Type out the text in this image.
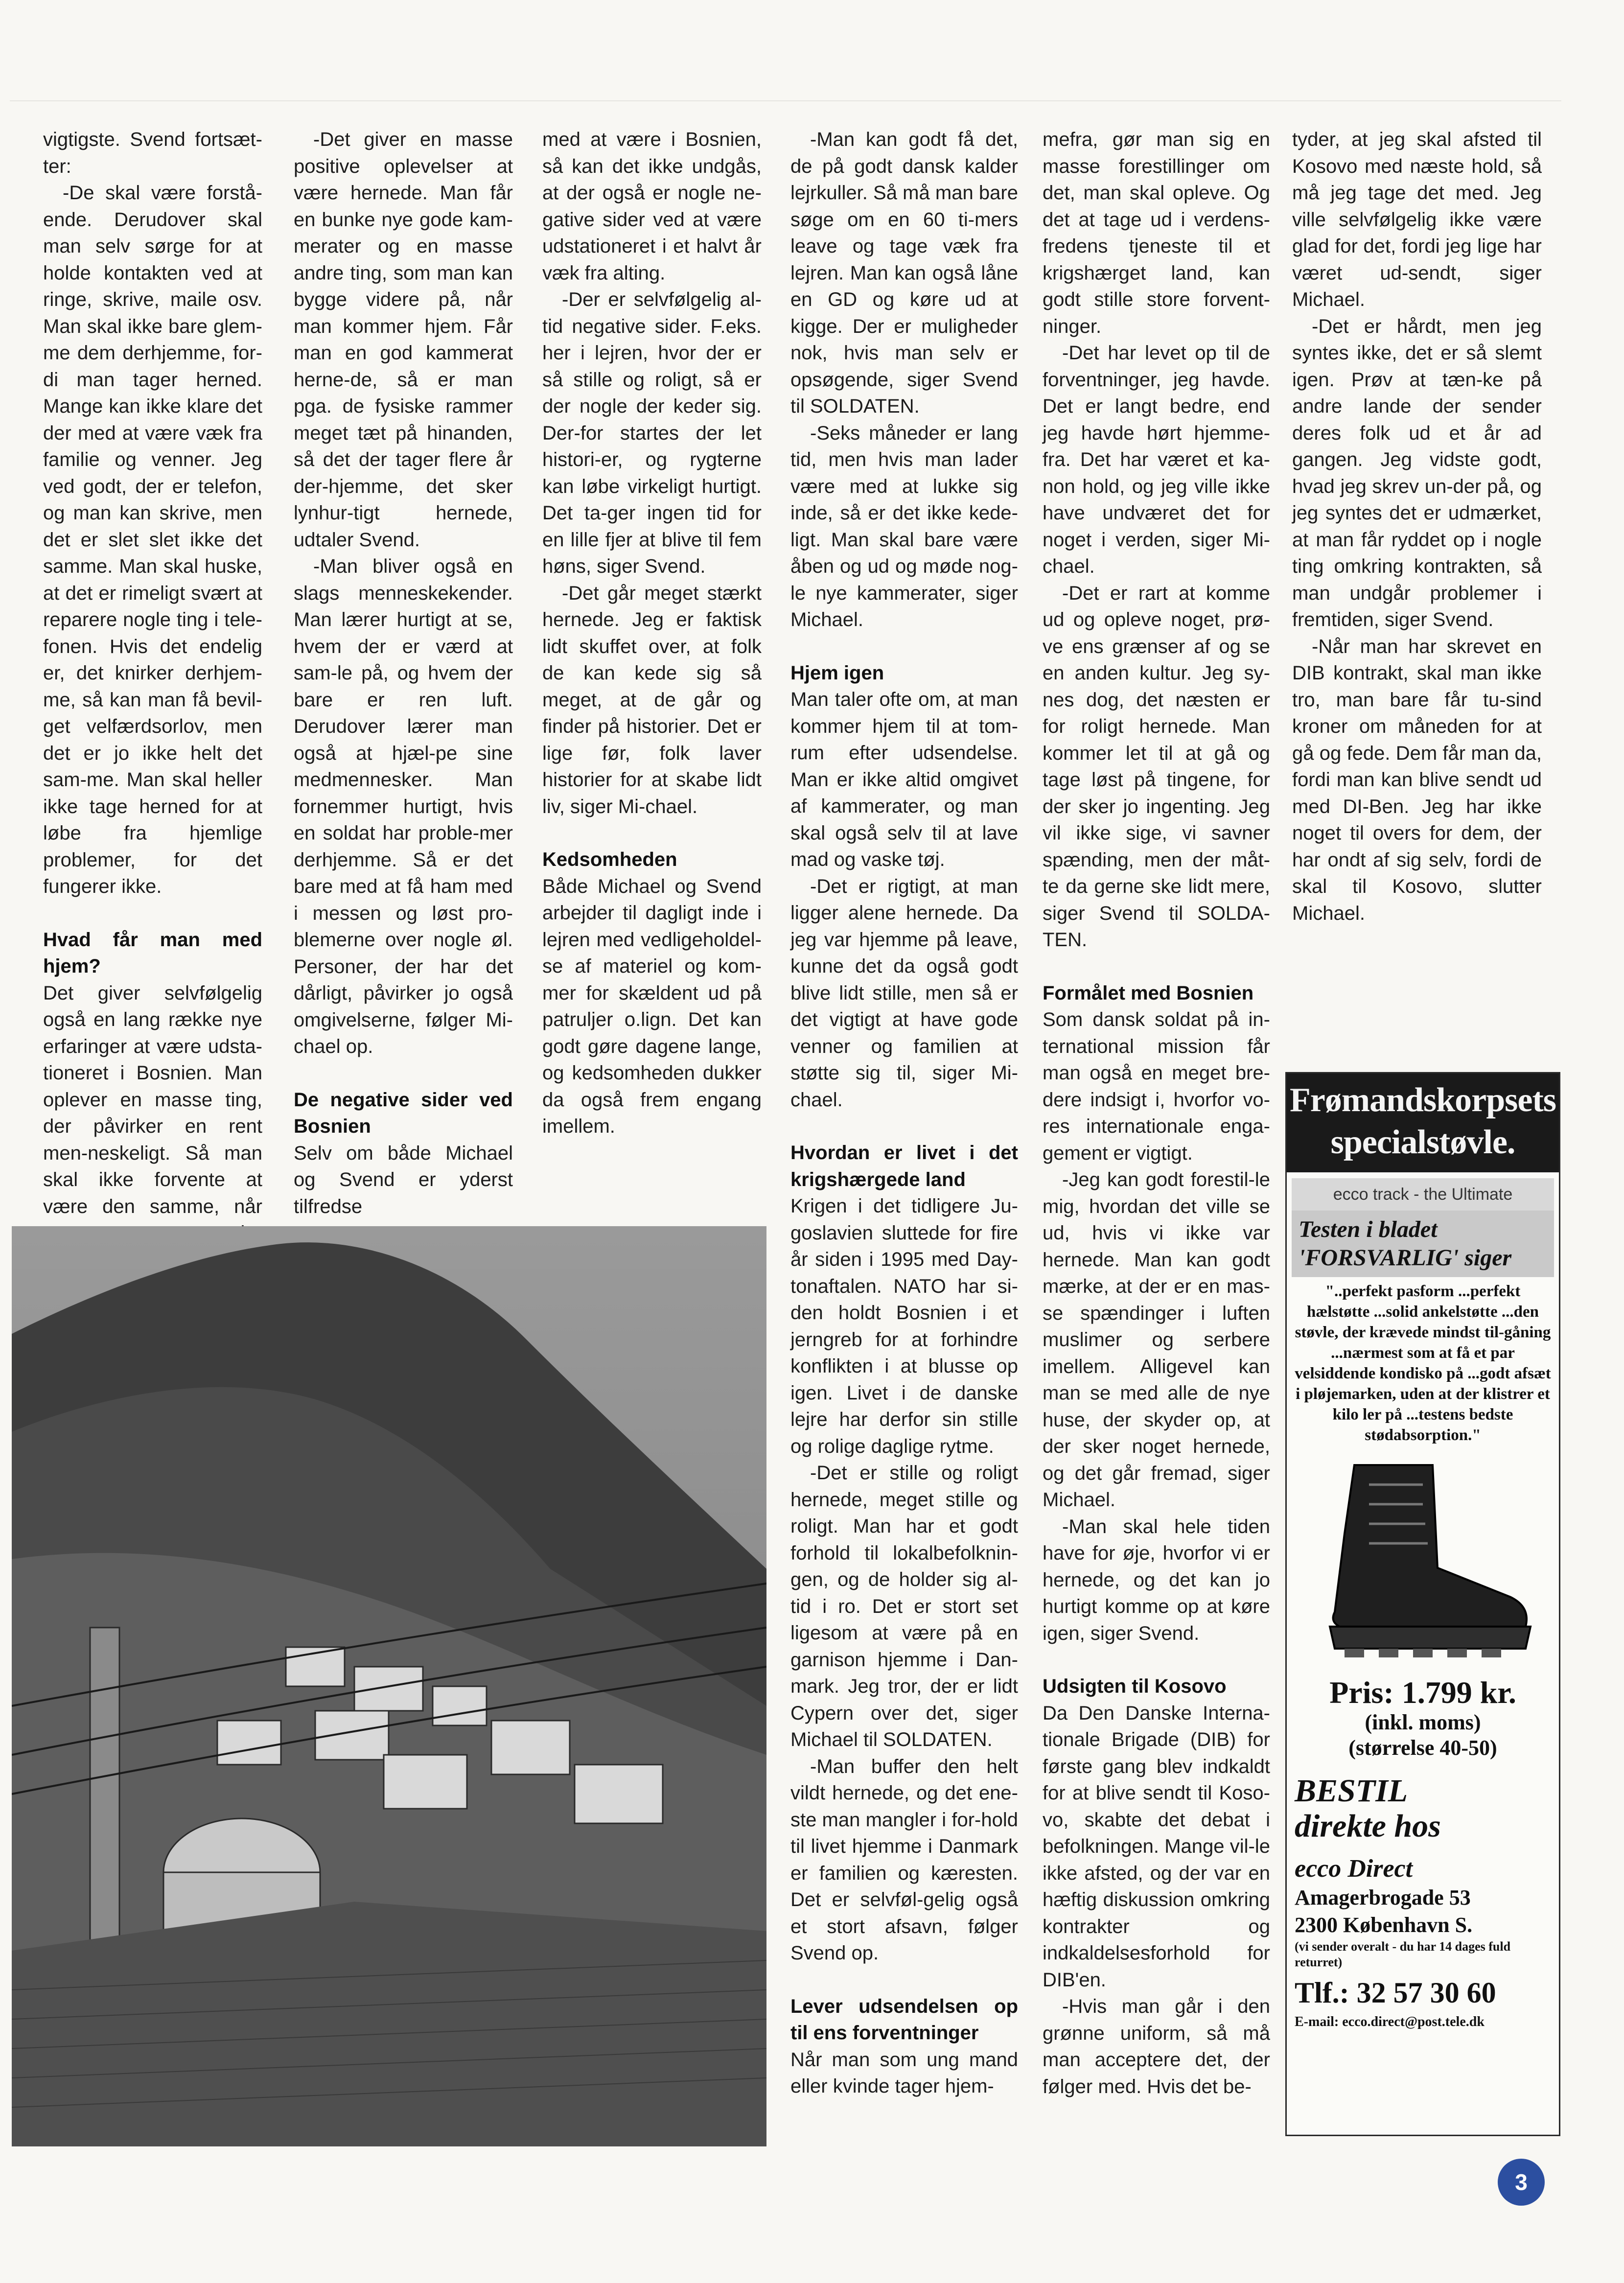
vigtigste. Svend fortsæt-ter:

-De skal være forstå-ende. Derudover skal man selv sørge for at holde kontakten ved at ringe, skrive, maile osv. Man skal ikke bare glem-me dem derhjemme, for-di man tager herned. Mange kan ikke klare det der med at være væk fra familie og venner. Jeg ved godt, der er telefon, og man kan skrive, men det er slet slet ikke det samme. Man skal huske, at det er rimeligt svært at reparere nogle ting i tele-fonen. Hvis det endelig er, det knirker derhjem-me, så kan man få bevil-get velfærdsorlov, men det er jo ikke helt det sam-me. Man skal heller ikke tage herned for at løbe fra hjemlige problemer, for det fungerer ikke.

Hvad får man med hjem?

Det giver selvfølgelig også en lang række nye erfaringer at være udsta-tioneret i Bosnien. Man oplever en masse ting, der påvirker en rent men-neskeligt. Så man skal ikke forvente at være den samme, når

-Det giver en masse positive oplevelser at være hernede. Man får en bunke nye gode kam-merater og en masse andre ting, som man kan bygge videre på, når man kommer hjem. Får man en god kammerat herne-de, så er man pga. de fysiske rammer meget tæt på hinanden, så det der tager flere år der-hjemme, det sker lynhur-tigt hernede, udtaler Svend.

-Man bliver også en slags menneskekender. Man lærer hurtigt at se, hvem der er værd at sam-le på, og hvem der bare er ren luft. Derudover lærer man også at hjæl-pe sine medmennesker. Man fornemmer hurtigt, hvis en soldat har proble-mer derhjemme. Så er det bare med at få ham med i messen og løst pro-blemerne over nogle øl. Personer, der har det dårligt, påvirker jo også omgivelserne, følger Mi-chael op.

De negative sider ved Bosnien

Selv om både Michael og Svend er yderst tilfredse

med at være i Bosnien, så kan det ikke undgås, at der også er nogle ne-gative sider ved at være udstationeret i et halvt år væk fra alting.

-Der er selvfølgelig al-tid negative sider. F.eks. her i lejren, hvor der er så stille og roligt, så er der nogle der keder sig. Der-for startes der let histori-er, og rygterne kan løbe virkeligt hurtigt. Det ta-ger ingen tid for en lille fjer at blive til fem høns, siger Svend.

-Det går meget stærkt hernede. Jeg er faktisk lidt skuffet over, at folk de kan kede sig så meget, at de går og finder på historier. Det er lige før, folk laver historier for at skabe lidt liv, siger Mi-chael.

Kedsomheden

Både Michael og Svend arbejder til dagligt inde i lejren med vedligeholdel-se af materiel og kom-mer for skældent ud på patruljer o.lign. Det kan godt gøre dagene lange, og kedsomheden dukker da også frem engang imellem.

-Man kan godt få det, de på godt dansk kalder lejrkuller. Så må man bare søge om en 60 ti-mers leave og tage væk fra lejren. Man kan også låne en GD og køre ud at kigge. Der er muligheder nok, hvis man selv er opsøgende, siger Svend til SOLDATEN.

-Seks måneder er lang tid, men hvis man lader være med at lukke sig inde, så er det ikke kede-ligt. Man skal bare være åben og ud og møde nog-le nye kammerater, siger Michael.

Hjem igen

Man taler ofte om, at man kommer hjem til at tom-rum efter udsendelse. Man er ikke altid omgivet af kammerater, og man skal også selv til at lave mad og vaske tøj.

-Det er rigtigt, at man ligger alene hernede. Da jeg var hjemme på leave, kunne det da også godt blive lidt stille, men så er det vigtigt at have gode venner og familien at støtte sig til, siger Mi-chael.

Hvordan er livet i det krigshærgede land

Krigen i det tidligere Ju-goslavien sluttede for fire år siden i 1995 med Day-tonaftalen. NATO har si-den holdt Bosnien i et jerngreb for at forhindre konflikten i at blusse op igen. Livet i de danske lejre har derfor sin stille og rolige daglige rytme.

-Det er stille og roligt hernede, meget stille og roligt. Man har et godt forhold til lokalbefolknin-gen, og de holder sig al-tid i ro. Det er stort set ligesom at være på en garnison hjemme i Dan-mark. Jeg tror, der er lidt Cypern over det, siger Michael til SOLDATEN.

-Man buffer den helt vildt hernede, og det ene-ste man mangler i for-hold til livet hjemme i Danmark er familien og kæresten. Det er selvføl-gelig også et stort afsavn, følger Svend op.

Lever udsendelsen op til ens forventninger

Når man som ung mand eller kvinde tager hjem-

mefra, gør man sig en masse forestillinger om det, man skal opleve. Og det at tage ud i verdens-fredens tjeneste til et krigshærget land, kan godt stille store forvent-ninger.

-Det har levet op til de forventninger, jeg havde. Det er langt bedre, end jeg havde hørt hjemme-fra. Det har været et ka-non hold, og jeg ville ikke have undværet det for noget i verden, siger Mi-chael.

-Det er rart at komme ud og opleve noget, prø-ve ens grænser af og se en anden kultur. Jeg sy-nes dog, det næsten er for roligt hernede. Man kommer let til at gå og tage løst på tingene, for der sker jo ingenting. Jeg vil ikke sige, vi savner spænding, men der måt-te da gerne ske lidt mere, siger Svend til SOLDA-TEN.

Formålet med Bosnien

Som dansk soldat på in-ternational mission får man også en meget bre-dere indsigt i, hvorfor vo-res internationale enga-gement er vigtigt.

-Jeg kan godt forestil-le mig, hvordan det ville se ud, hvis vi ikke var hernede. Man kan godt mærke, at der er en mas-se spændinger i luften muslimer og serbere imellem. Alligevel kan man se med alle de nye huse, der skyder op, at der sker noget hernede, og det går fremad, siger Michael.

-Man skal hele tiden have for øje, hvorfor vi er hernede, og det kan jo hurtigt komme op at køre igen, siger Svend.

Udsigten til Kosovo

Da Den Danske Interna-tionale Brigade (DIB) for første gang blev indkaldt for at blive sendt til Koso-vo, skabte det debat i befolkningen. Mange vil-le ikke afsted, og der var en hæftig diskussion omkring kontrakter og indkaldelsesforhold for DIB'en.

-Hvis man går i den grønne uniform, så må man acceptere det, der følger med. Hvis det be-

tyder, at jeg skal afsted til Kosovo med næste hold, så må jeg tage det med. Jeg ville selvfølgelig ikke være glad for det, fordi jeg lige har været ud-sendt, siger Michael.

-Det er hårdt, men jeg syntes ikke, det er så slemt igen. Prøv at tæn-ke på andre lande der sender deres folk ud et år ad gangen. Jeg vidste godt, hvad jeg skrev un-der på, og jeg syntes det er udmærket, at man får ryddet op i nogle ting omkring kontrakten, så man undgår problemer i fremtiden, siger Svend.

-Når man har skrevet en DIB kontrakt, skal man ikke tro, man bare får tu-sind kroner om måneden for at gå og fede. Dem får man da, fordi man kan blive sendt ud med DI-Ben. Jeg har ikke noget til overs for dem, der har ondt af sig selv, fordi de skal til Kosovo, slutter Michael.

Frømandskorpsets specialstøvle.
ecco track - the Ultimate
Testen i bladet 'FORSVARLIG' siger
"..perfekt pasform ...perfekt hælstøtte ...solid ankelstøtte ...den støvle, der krævede mindst til-gåning ...nærmest som at få et par velsiddende kondisko på ...godt afsæt i pløjemarken, uden at der klistrer et kilo ler på ...testens bedste stødabsorption."
Pris: 1.799 kr.
(inkl. moms)
(størrelse 40-50)
BESTIL
direkte hos
ecco Direct
Amagerbrogade 53
2300 København S.
(vi sender overalt - du har 14 dages fuld returret)
Tlf.: 32 57 30 60
E-mail: ecco.direct@post.tele.dk
3
